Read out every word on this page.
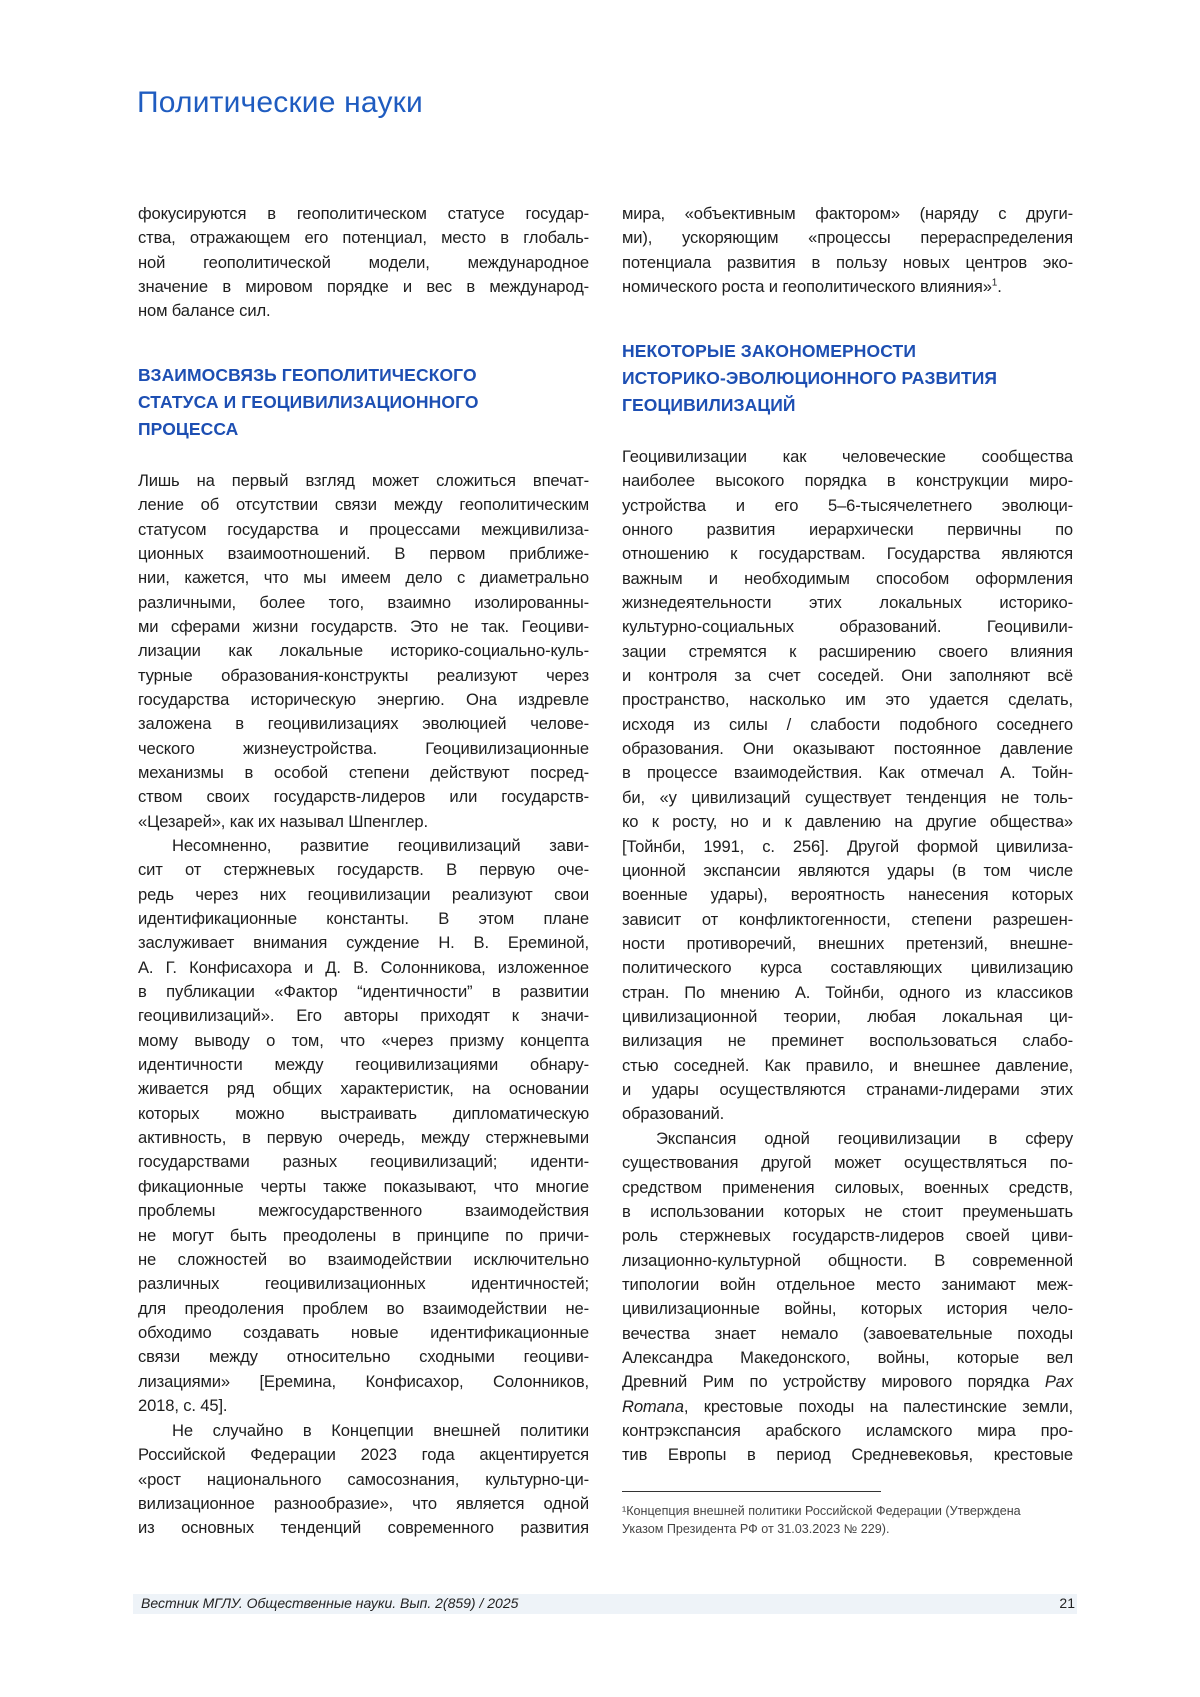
Политические науки
фокусируются в геополитическом статусе государ-
ства, отражающем его потенциал, место в глобаль-
ной геополитической модели, международное
значение в мировом порядке и вес в международ-
ном балансе сил.
ВЗАИМОСВЯЗЬ ГЕОПОЛИТИЧЕСКОГО
СТАТУСА И ГЕОЦИВИЛИЗАЦИОННОГО
ПРОЦЕССА
Лишь на первый взгляд может сложиться впечат-
ление об отсутствии связи между геополитическим
статусом государства и процессами межцивилиза-
ционных взаимоотношений. В первом приближе-
нии, кажется, что мы имеем дело с диаметрально
различными, более того, взаимно изолированны-
ми сферами жизни государств. Это не так. Геоциви-
лизации как локальные историко-социально-куль-
турные образования-конструкты реализуют через
государства историческую энергию. Она издревле
заложена в геоцивилизациях эволюцией челове-
ческого жизнеустройства. Геоцивилизационные
механизмы в особой степени действуют посред-
ством своих государств-лидеров или государств-
«Цезарей», как их называл Шпенглер.
Несомненно, развитие геоцивилизаций зави-
сит от стержневых государств. В первую оче-
редь через них геоцивилизации реализуют свои
идентификационные константы. В этом плане
заслуживает внимания суждение Н. В. Ереминой,
А. Г. Конфисахора и Д. В. Солонникова, изложенное
в публикации «Фактор “идентичности” в развитии
геоцивилизаций». Его авторы приходят к значи-
мому выводу о том, что «через призму концепта
идентичности между геоцивилизациями обнару-
живается ряд общих характеристик, на основании
которых можно выстраивать дипломатическую
активность, в первую очередь, между стержневыми
государствами разных геоцивилизаций; иденти-
фикационные черты также показывают, что многие
проблемы межгосударственного взаимодействия
не могут быть преодолены в принципе по причи-
не сложностей во взаимодействии исключительно
различных геоцивилизационных идентичностей;
для преодоления проблем во взаимодействии не-
обходимо создавать новые идентификационные
связи между относительно сходными геоциви-
лизациями» [Еремина, Конфисахор, Солонников,
2018, с. 45].
Не случайно в Концепции внешней политики
Российской Федерации 2023 года акцентируется
«рост национального самосознания, культурно-ци-
вилизационное разнообразие», что является одной
из основных тенденций современного развития
мира, «объективным фактором» (наряду с други-
ми), ускоряющим «процессы перераспределения
потенциала развития в пользу новых центров эко-
номического роста и геополитического влияния»1.
НЕКОТОРЫЕ ЗАКОНОМЕРНОСТИ
ИСТОРИКО-ЭВОЛЮЦИОННОГО РАЗВИТИЯ
ГЕОЦИВИЛИЗАЦИЙ
Геоцивилизации как человеческие сообщества
наиболее высокого порядка в конструкции миро-
устройства и его 5–6-тысячелетнего эволюци-
онного развития иерархически первичны по
отношению к государствам. Государства являются
важным и необходимым способом оформления
жизнедеятельности этих локальных историко-
культурно-социальных образований. Геоцивили-
зации стремятся к расширению своего влияния
и контроля за счет соседей. Они заполняют всё
пространство, насколько им это удается сделать,
исходя из силы / слабости подобного соседнего
образования. Они оказывают постоянное давление
в процессе взаимодействия. Как отмечал А. Тойн-
би, «у цивилизаций существует тенденция не толь-
ко к росту, но и к давлению на другие общества»
[Тойнби, 1991, с. 256]. Другой формой цивилиза-
ционной экспансии являются удары (в том числе
военные удары), вероятность нанесения которых
зависит от конфликтогенности, степени разрешен-
ности противоречий, внешних претензий, внешне-
политического курса составляющих цивилизацию
стран. По мнению А. Тойнби, одного из классиков
цивилизационной теории, любая локальная ци-
вилизация не преминет воспользоваться слабо-
стью соседней. Как правило, и внешнее давление,
и удары осуществляются странами-лидерами этих
образований.
Экспансия одной геоцивилизации в сферу
существования другой может осуществляться по-
средством применения силовых, военных средств,
в использовании которых не стоит преуменьшать
роль стержневых государств-лидеров своей циви-
лизационно-культурной общности. В современной
типологии войн отдельное место занимают меж-
цивилизационные войны, которых история чело-
вечества знает немало (завоевательные походы
Александра Македонского, войны, которые вел
Древний Рим по устройству мирового порядка Pax
Romana, крестовые походы на палестинские земли,
контрэкспансия арабского исламского мира про-
тив Европы в период Средневековья, крестовые
¹Концепция внешней политики Российской Федерации (Утверждена
Указом Президента РФ от 31.03.2023 № 229).
Вестник МГЛУ. Общественные науки. Вып. 2(859) / 2025	21
